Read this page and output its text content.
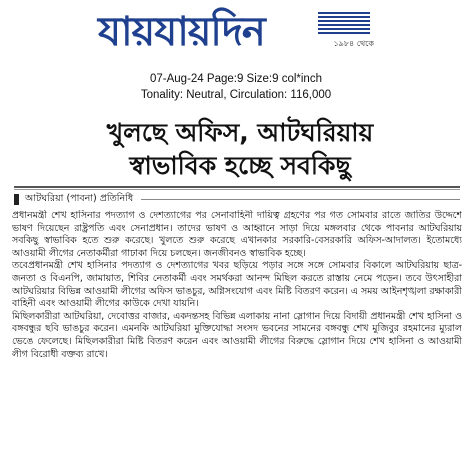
যায়যায়দিন	১৯৮৪ থেকে
07-Aug-24 Page:9 Size:9 col*inch
Tonality: Neutral, Circulation: 116,000
খুলছে অফিস, আটঘরিয়ায় স্বাভাবিক হচ্ছে সবকিছু
আটঘরিয়া (পাবনা) প্রতিনিধি

প্রধানমন্ত্রী শেখ হাসিনার পদত্যাগ ও দেশত্যাগের পর সেনাবাহিনী দায়িত্ব গ্রহণের পর গত সোমবার রাতে জাতির উদ্দেশে ভাষণ দিয়েছেন রাষ্ট্রপতি এবং সেনাপ্রধান। তাদের ভাষণ ও আহ্বানে সাড়া দিয়ে মঙ্গলবার থেকে পাবনার আটঘরিয়ায় সবকিছু স্বাভাবিক হতে শুরু করেছে। খুলতে শুরু করেছে এখানকার সরকারি-বেসরকারি অফিস-আদালত। ইতোমধ্যে আওয়ামী লীগের নেতাকর্মীরা গাঢাকা দিয়ে চলছেন। জনজীবনও স্বাভাবিক হচ্ছে।

তবেপ্রধানমন্ত্রী শেখ হাসিনার পদত্যাগ ও দেশত্যাগের খবর ছড়িয়ে পড়ার সঙ্গে সঙ্গে সোমবার বিকালে আটঘরিয়ায় ছাত্র-জনতা ও বিএনপি, জামায়াত, শিবির নেতাকর্মী এবং সমর্থকরা আনন্দ মিছিল করতে রাস্তায় নেমে পড়েন। তবে উৎসাহীরা আটঘরিয়ার বিভিন্ন আওয়ামী লীগের অফিস ভাঙচুর, অগ্নিসংযোগ এবং মিষ্টি বিতরণ করেন। এ সময় আইনশৃঙ্খলা রক্ষাকারী বাহিনী এবং আওয়ামী লীগের কাউকে দেখা যায়নি।

মিছিলকারীরা আটঘরিয়া, দেবোত্তর বাজার, একদন্তসহ বিভিন্ন এলাকায় নানা স্লোগান দিয়ে বিদায়ী প্রধানমন্ত্রী শেখ হাসিনা ও বঙ্গবন্ধুর ছবি ভাঙচুর করেন। এমনকি আটঘরিয়া মুক্তিযোদ্ধা সংসদ ভবনের সামনের বঙ্গবন্ধু শেখ মুজিবুর রহমানের ম্যুরাল ভেঙে ফেলেছে। মিছিলকারীরা মিষ্টি বিতরণ করেন এবং আওয়ামী লীগের বিরুদ্ধে স্লোগান দিয়ে শেখ হাসিনা ও আওয়ামী লীগ বিরোধী বক্তব্য রাখে।
